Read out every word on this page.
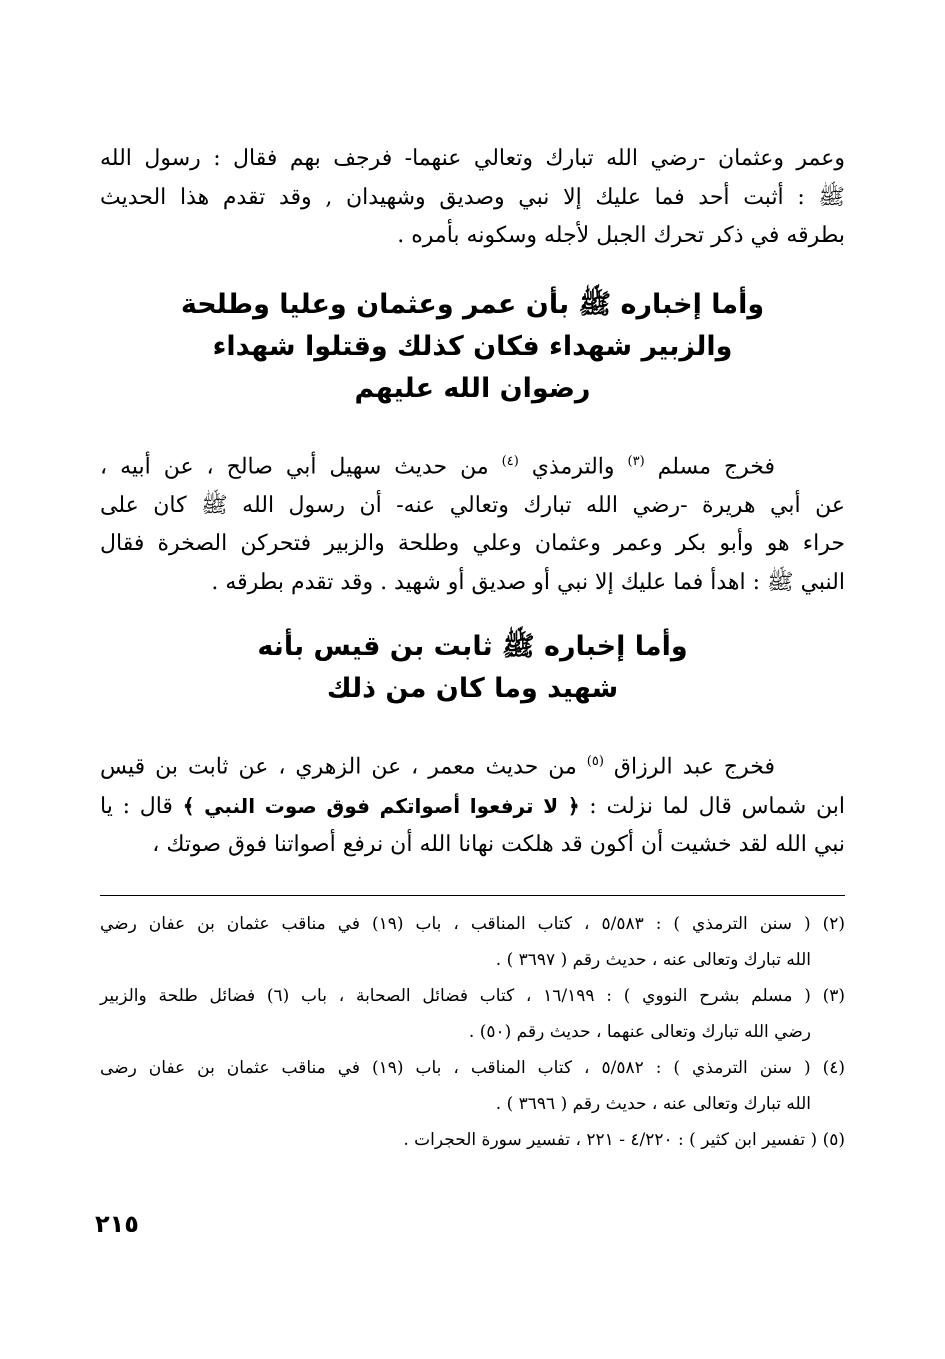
وعمر وعثمان -رضي الله تبارك وتعالي عنهما- فرجف بهم فقال : رسول الله
ﷺ : أثبت أحد فما عليك إلا نبي وصديق وشهيدان , وقد تقدم هذا الحديث
بطرقه في ذكر تحرك الجبل لأجله وسكونه بأمره .
وأما إخباره ﷺ بأن عمر وعثمان وعليا وطلحة
والزبير شهداء فكان كذلك وقتلوا شهداء
رضوان الله عليهم
فخرج مسلم $^{(٣)}$ والترمذي $^{(٤)}$ من حديث سهيل أبي صالح ، عن أبيه ،
عن أبي هريرة -رضي الله تبارك وتعالي عنه- أن رسول الله ﷺ كان على
حراء هو وأبو بكر وعمر وعثمان وعلي وطلحة والزبير فتحركن الصخرة فقال
النبي ﷺ : اهدأ فما عليك إلا نبي أو صديق أو شهيد . وقد تقدم بطرقه .
وأما إخباره ﷺ ثابت بن قيس بأنه
شهيد وما كان من ذلك
فخرج عبد الرزاق $^{(٥)}$ من حديث معمر ، عن الزهري ، عن ثابت بن قيس
ابن شماس قال لما نزلت : ﴿ لا ترفعوا أصواتكم فوق صوت النبي ﴾ قال : يا
نبي الله لقد خشيت أن أكون قد هلكت نهانا الله أن نرفع أصواتنا فوق صوتك ،
(٢) ( سنن الترمذي ) : ٥/٥٨٣ ، كتاب المناقب ، باب (١٩) في مناقب عثمان بن عفان رضي
الله تبارك وتعالى عنه ، حديث رقم ( ٣٦٩٧ ) .
(٣) ( مسلم بشرح النووي ) : ١٦/١٩٩ ، كتاب فضائل الصحابة ، باب (٦) فضائل طلحة والزبير
رضي الله تبارك وتعالى عنهما ، حديث رقم (٥٠) .
(٤) ( سنن الترمذي ) : ٥/٥٨٢ ، كتاب المناقب ، باب (١٩) في مناقب عثمان بن عفان رضى
الله تبارك وتعالى عنه ، حديث رقم ( ٣٦٩٦ ) .
(٥) ( تفسير ابن كثير ) : ٤/٢٢٠ - ٢٢١ ، تفسير سورة الحجرات .
٢١٥
